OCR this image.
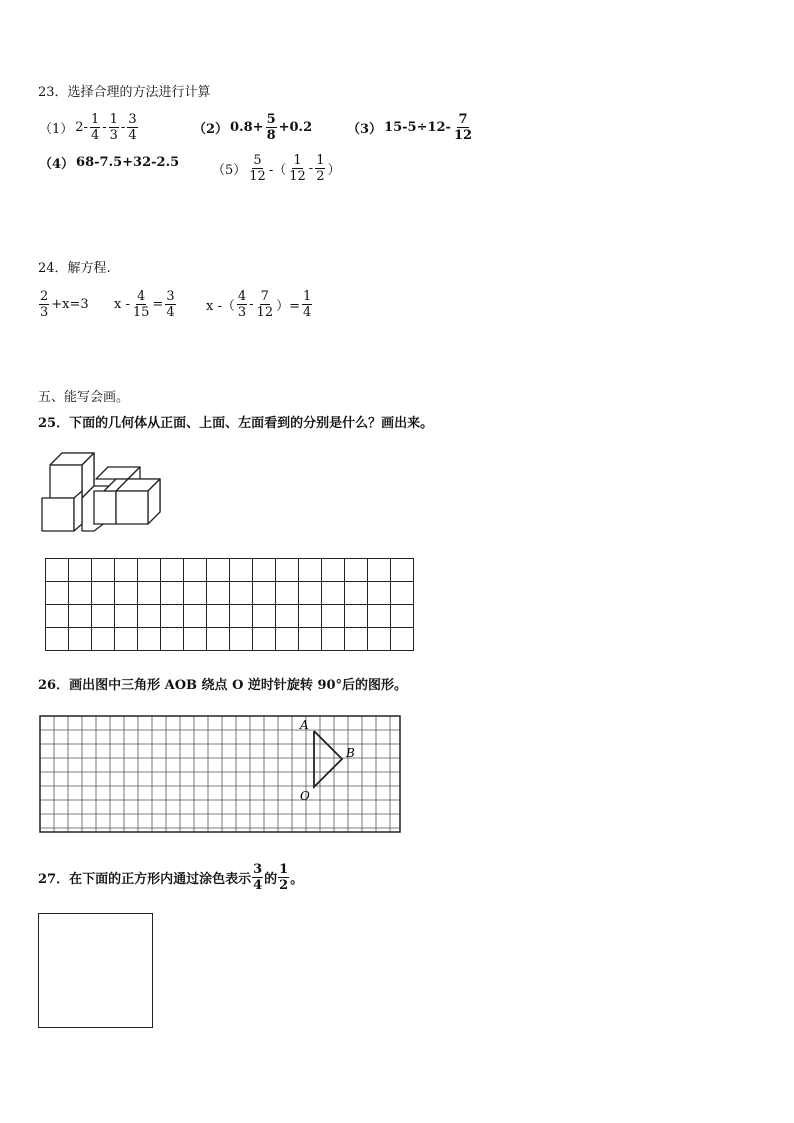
23．选择合理的方法进行计算
（1） $2- \frac{1}{4} - \frac{1}{3} - \frac{3}{4}$	（2） $0.8+ \frac{5}{8} +0.2$	（3） $15-5\div 12- \frac{7}{12}$
（4） 68-7.5+32-2.5
$(5) \frac{5}{12}$ -（ $\frac{1}{12} - \frac{1}{2}$ ）
24．解方程.
$\frac{2}{3} +x=3$ $x - \frac{4}{15} = \frac{3}{4}$ x -（ $\frac{4}{3} - \frac{7}{12}$ ）= $\frac{1}{4}$
五、能写会画。
25．下面的几何体从正面、上面、左面看到的分别是什么？画出来。

26．画出图中三角形 AOB 绕点 O 逆时针旋转 90°后的图形。
A
B
O
27．在下面的正方形内通过涂色表示 $\frac{3}{4}$ 的 $\frac{1}{2}$ 。
